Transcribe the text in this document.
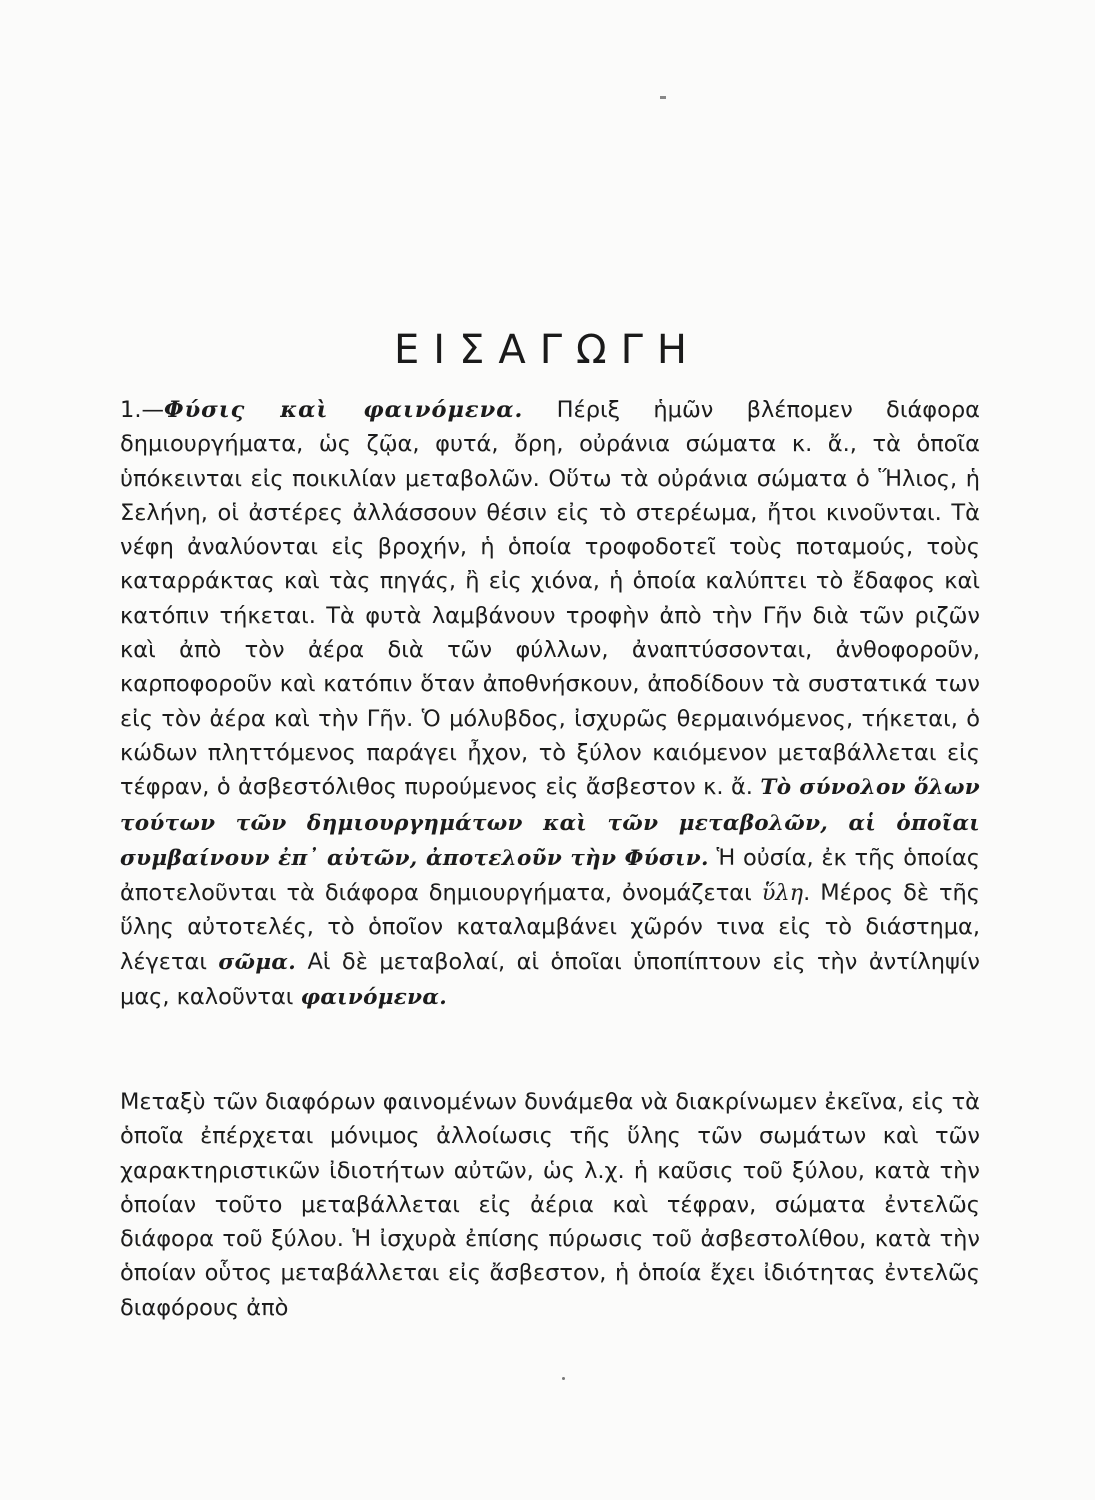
ΕΙΣΑΓΩΓΗ
1.—Φύσις καὶ φαινόμενα. Πέριξ ἡμῶν βλέπομεν διάφορα δημιουργήματα, ὡς ζῷα, φυτά, ὄρη, οὐράνια σώματα κ. ἄ., τὰ ὁποῖα ὑπόκεινται εἰς ποικιλίαν μεταβολῶν. Οὕτω τὰ οὐράνια σώματα ὁ Ἥλιος, ἡ Σελήνη, οἱ ἀστέρες ἀλλάσσουν θέσιν εἰς τὸ στερέωμα, ἤτοι κινοῦνται. Τὰ νέφη ἀναλύονται εἰς βροχήν, ἡ ὁποία τροφοδοτεῖ τοὺς ποταμούς, τοὺς καταρράκτας καὶ τὰς πηγάς, ἢ εἰς χιόνα, ἡ ὁποία καλύπτει τὸ ἔδαφος καὶ κατόπιν τήκεται. Τὰ φυτὰ λαμβάνουν τροφὴν ἀπὸ τὴν Γῆν διὰ τῶν ριζῶν καὶ ἀπὸ τὸν ἀέρα διὰ τῶν φύλλων, ἀναπτύσσονται, ἀνθοφοροῦν, καρποφοροῦν καὶ κατόπιν ὅταν ἀποθνήσκουν, ἀποδίδουν τὰ συστατικά των εἰς τὸν ἀέρα καὶ τὴν Γῆν. Ὁ μόλυβδος, ἰσχυρῶς θερμαινόμενος, τήκεται, ὁ κώδων πληττόμενος παράγει ἦχον, τὸ ξύλον καιόμενον μεταβάλλεται εἰς τέφραν, ὁ ἀσβεστόλιθος πυρούμενος εἰς ἄσβεστον κ. ἄ. Τὸ σύνολον ὅλων τούτων τῶν δημιουργημάτων καὶ τῶν μεταβολῶν, αἱ ὁποῖαι συμβαίνουν ἐπ᾽ αὐτῶν, ἀποτελοῦν τὴν Φύσιν. Ἡ οὐσία, ἐκ τῆς ὁποίας ἀποτελοῦνται τὰ διάφορα δημιουργήματα, ὀνομάζεται ὕλη. Μέρος δὲ τῆς ὕλης αὐτοτελές, τὸ ὁποῖον καταλαμβάνει χῶρόν τινα εἰς τὸ διάστημα, λέγεται σῶμα. Αἱ δὲ μεταβολαί, αἱ ὁποῖαι ὑποπίπτουν εἰς τὴν ἀντίληψίν μας, καλοῦνται φαινόμενα.
Μεταξὺ τῶν διαφόρων φαινομένων δυνάμεθα νὰ διακρίνωμεν ἐκεῖνα, εἰς τὰ ὁποῖα ἐπέρχεται μόνιμος ἀλλοίωσις τῆς ὕλης τῶν σωμάτων καὶ τῶν χαρακτηριστικῶν ἰδιοτήτων αὐτῶν, ὡς λ.χ. ἡ καῦσις τοῦ ξύλου, κατὰ τὴν ὁποίαν τοῦτο μεταβάλλεται εἰς ἀέρια καὶ τέφραν, σώματα ἐντελῶς διάφορα τοῦ ξύλου. Ἡ ἰσχυρὰ ἐπίσης πύρωσις τοῦ ἀσβεστολίθου, κατὰ τὴν ὁποίαν οὗτος μεταβάλλεται εἰς ἄσβεστον, ἡ ὁποία ἔχει ἰδιότητας ἐντελῶς διαφόρους ἀπὸ
